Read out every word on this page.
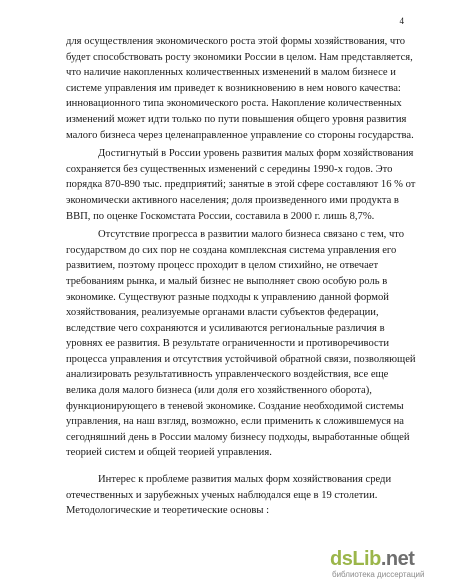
4
для осуществления экономического роста этой формы хозяйствования, что
будет способствовать росту экономики России в целом. Нам представляется,
что наличие накопленных количественных изменений в малом бизнесе и
системе управления им приведет к возникновению в нем нового качества:
инновационного типа экономического роста. Накопление количественных
изменений может идти только по пути повышения общего уровня развития
малого бизнеса через целенаправленное управление со стороны государства.
Достигнутый в России уровень развития малых форм хозяйствования
сохраняется без существенных изменений с середины 1990-х годов. Это
порядка 870-890 тыс. предприятий; занятые в этой сфере составляют 16 % от
экономически активного населения; доля произведенного ими продукта в
ВВП, по оценке Госкомстата России, составила в 2000 г. лишь 8,7%.
Отсутствие прогресса в развитии малого бизнеса связано с тем, что
государством до сих пор не создана комплексная система управления его
развитием, поэтому процесс проходит в целом стихийно, не отвечает
требованиям рынка, и малый бизнес не выполняет свою особую роль в
экономике. Существуют разные подходы к управлению данной формой
хозяйствования, реализуемые органами власти субъектов федерации,
вследствие чего сохраняются и усиливаются региональные различия в
уровнях ее развития. В результате ограниченности и противоречивости
процесса управления и отсутствия устойчивой обратной связи, позволяющей
анализировать результативность управленческого воздействия, все еще
велика доля малого бизнеса (или доля его хозяйственного оборота),
функционирующего в теневой экономике. Создание необходимой системы
управления, на наш взгляд, возможно, если применить к сложившемуся на
сегодняшний день в России малому бизнесу подходы, выработанные общей
теорией систем и общей теорией управления.
Интерес к проблеме развития малых форм хозяйствования среди
отечественных и зарубежных ученых наблюдался еще в 19 столетии.
Методологические и теоретические основы :
dsLib.net
библиотека диссертаций
